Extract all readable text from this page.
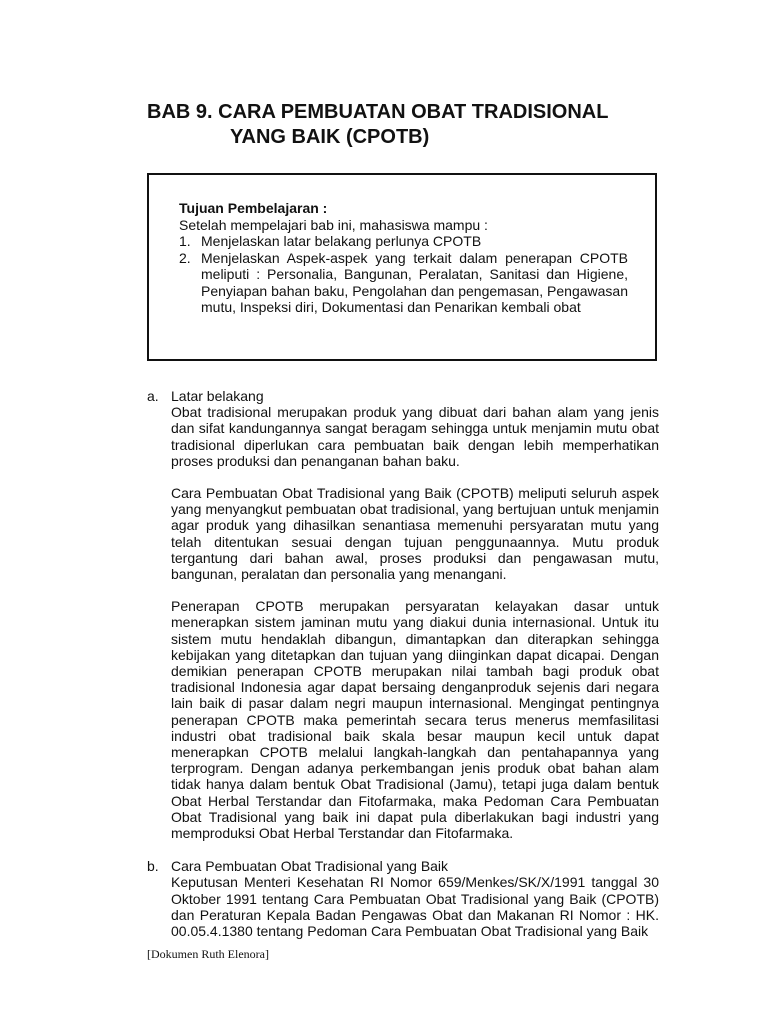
BAB 9. CARA PEMBUATAN OBAT TRADISIONAL
YANG BAIK (CPOTB)

Tujuan Pembelajaran :

Setelah mempelajari bab ini, mahasiswa mampu :

1. Menjelaskan latar belakang perlunya CPOTB
2. Menjelaskan Aspek-aspek yang terkait dalam penerapan CPOTB meliputi : Personalia, Bangunan, Peralatan, Sanitasi dan Higiene, Penyiapan bahan baku, Pengolahan dan pengemasan, Pengawasan mutu, Inspeksi diri, Dokumentasi dan Penarikan kembali obat
a. Latar belakang

Obat tradisional merupakan produk yang dibuat dari bahan alam yang jenis dan sifat kandungannya sangat beragam sehingga untuk menjamin mutu obat tradisional diperlukan cara pembuatan baik dengan lebih memperhatikan proses produksi dan penanganan bahan baku.

Cara Pembuatan Obat Tradisional yang Baik (CPOTB) meliputi seluruh aspek yang menyangkut pembuatan obat tradisional, yang bertujuan untuk menjamin agar produk yang dihasilkan senantiasa memenuhi persyaratan mutu yang telah ditentukan sesuai dengan tujuan penggunaannya. Mutu produk tergantung dari bahan awal, proses produksi dan pengawasan mutu, bangunan, peralatan dan personalia yang menangani.

Penerapan CPOTB merupakan persyaratan kelayakan dasar untuk menerapkan sistem jaminan mutu yang diakui dunia internasional. Untuk itu sistem mutu hendaklah dibangun, dimantapkan dan diterapkan sehingga kebijakan yang ditetapkan dan tujuan yang diinginkan dapat dicapai. Dengan demikian penerapan CPOTB merupakan nilai tambah bagi produk obat tradisional Indonesia agar dapat bersaing denganproduk sejenis dari negara lain baik di pasar dalam negri maupun internasional. Mengingat pentingnya penerapan CPOTB maka pemerintah secara terus menerus memfasilitasi industri obat tradisional baik skala besar maupun kecil untuk dapat menerapkan CPOTB melalui langkah-langkah dan pentahapannya yang terprogram. Dengan adanya perkembangan jenis produk obat bahan alam tidak hanya dalam bentuk Obat Tradisional (Jamu), tetapi juga dalam bentuk Obat Herbal Terstandar dan Fitofarmaka, maka Pedoman Cara Pembuatan Obat Tradisional yang baik ini dapat pula diberlakukan bagi industri yang memproduksi Obat Herbal Terstandar dan Fitofarmaka.

b. Cara Pembuatan Obat Tradisional yang Baik

Keputusan Menteri Kesehatan RI Nomor 659/Menkes/SK/X/1991 tanggal 30 Oktober 1991 tentang Cara Pembuatan Obat Tradisional yang Baik (CPOTB) dan Peraturan Kepala Badan Pengawas Obat dan Makanan RI Nomor : HK. 00.05.4.1380 tentang Pedoman Cara Pembuatan Obat Tradisional yang Baik

[Dokumen Ruth Elenora]
